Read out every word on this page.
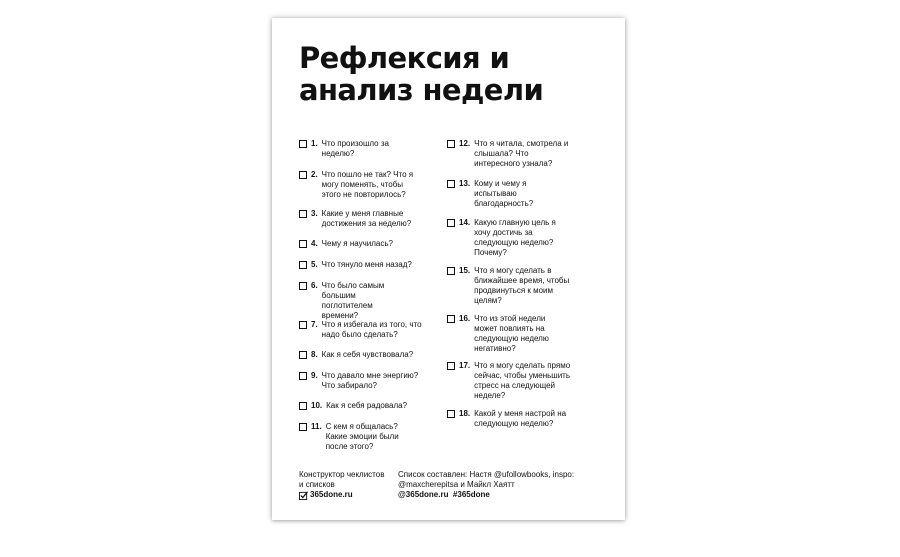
Рефлексия и
анализ недели
1. Что произошло за неделю?
2. Что пошло не так? Что я могу поменять, чтобы этого не повторилось?
3. Какие у меня главные достижения за неделю?
4. Чему я научилась?
5. Что тянуло меня назад?
6. Что было самым большим поглотителем времени?
7. Что я избегала из того, что надо было сделать?
8. Как я себя чувствовала?
9. Что давало мне энергию? Что забирало?
10. Как я себя радовала?
11. С кем я общалась? Какие эмоции были после этого?
12. Что я читала, смотрела и слышала? Что интересного узнала?
13. Кому и чему я испытываю благодарность?
14. Какую главную цель я хочу достичь за следующую неделю? Почему?
15. Что я могу сделать в ближайшее время, чтобы продвинуться к моим целям?
16. Что из этой недели может повлиять на следующую неделю негативно?
17. Что я могу сделать прямо сейчас, чтобы уменьшить стресс на следующей неделе?
18. Какой у меня настрой на следующую неделю?
Конструктор чеклистов
и списков
365done.ru
Список составлен: Настя @ufollowbooks, inspo:
@maxcherepitsa и Майкл Хаятт
@365done.ru  #365done
